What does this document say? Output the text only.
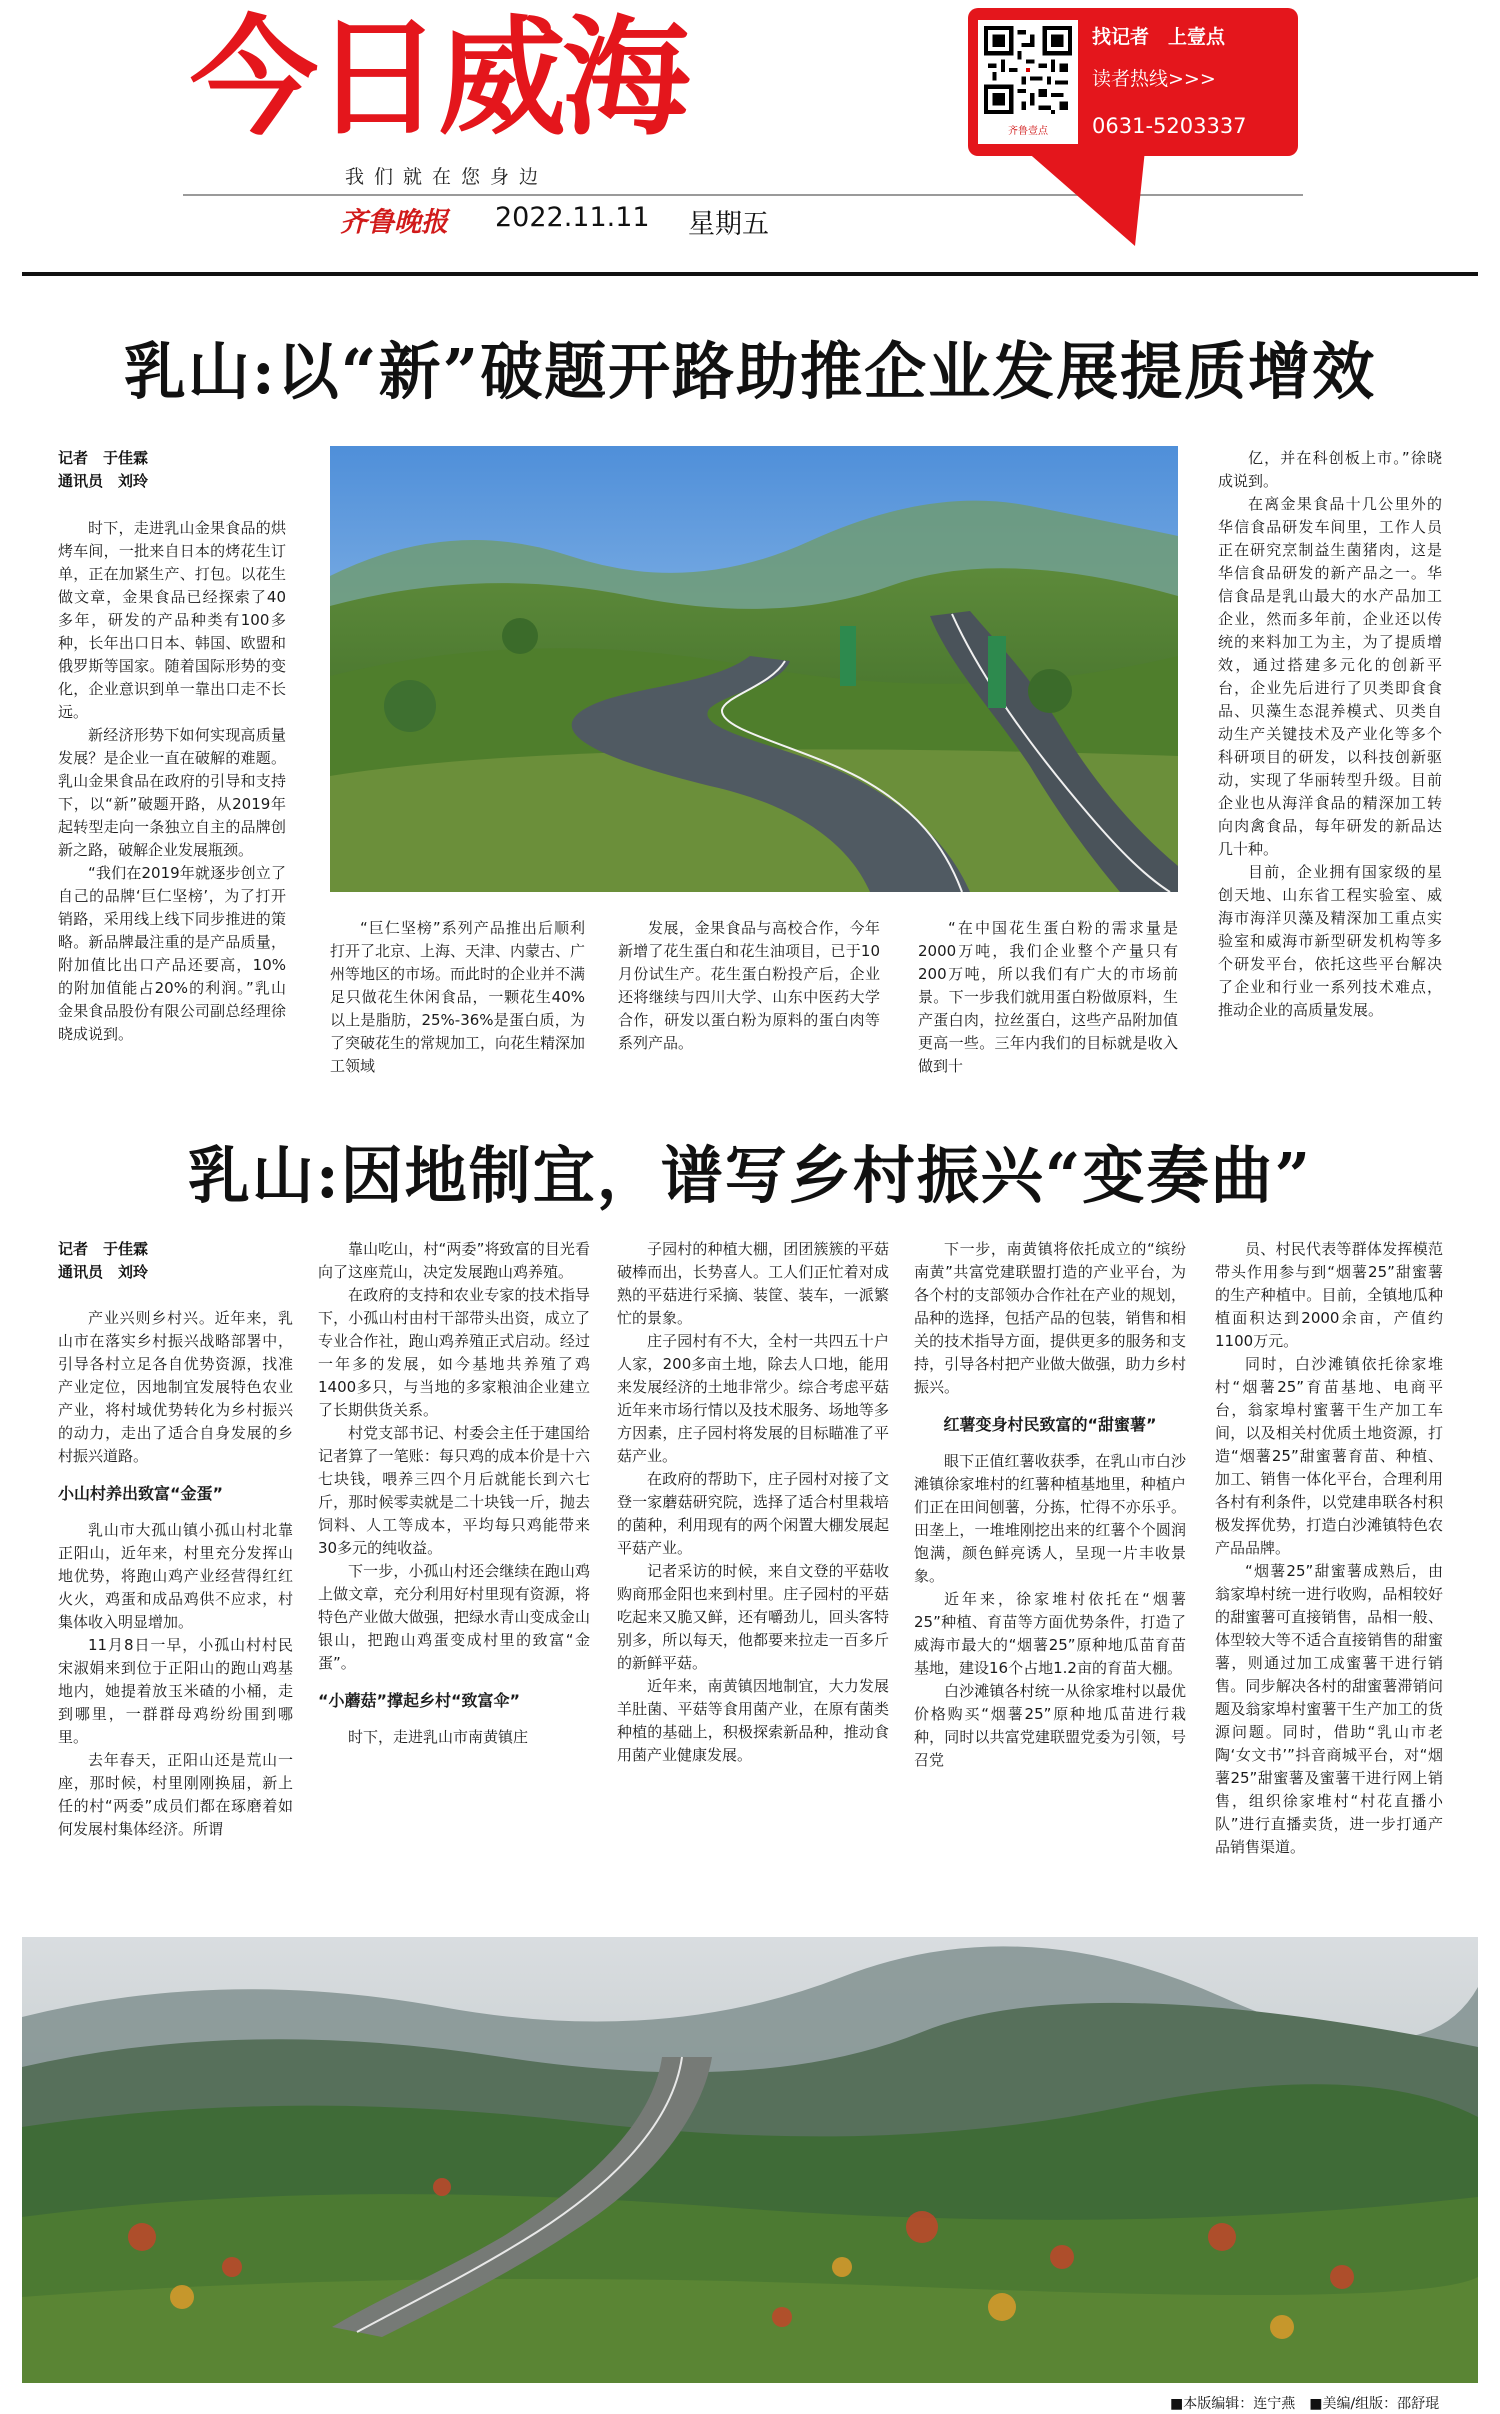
今日威海
我们就在您身边
齐鲁晚报 2022.11.11 星期五
齐鲁壹点
找记者　上壹点
读者热线>>>
0631-5203337
乳山:以“新”破题开路助推企业发展提质增效
记者　于佳霖
通讯员　刘玲

时下，走进乳山金果食品的烘烤车间，一批来自日本的烤花生订单，正在加紧生产、打包。以花生做文章，金果食品已经探索了40多年，研发的产品种类有100多种，长年出口日本、韩国、欧盟和俄罗斯等国家。随着国际形势的变化，企业意识到单一靠出口走不长远。

新经济形势下如何实现高质量发展？是企业一直在破解的难题。乳山金果食品在政府的引导和支持下，以“新”破题开路，从2019年起转型走向一条独立自主的品牌创新之路，破解企业发展瓶颈。

“我们在2019年就逐步创立了自己的品牌‘巨仁坚榜’，为了打开销路，采用线上线下同步推进的策略。新品牌最注重的是产品质量，附加值比出口产品还要高，10%的附加值能占20%的利润。”乳山金果食品股份有限公司副总经理徐晓成说到。

“巨仁坚榜”系列产品推出后顺利打开了北京、上海、天津、内蒙古、广州等地区的市场。而此时的企业并不满足只做花生休闲食品，一颗花生40%以上是脂肪，25%-36%是蛋白质，为了突破花生的常规加工，向花生精深加工领域

发展，金果食品与高校合作，今年新增了花生蛋白和花生油项目，已于10月份试生产。花生蛋白粉投产后，企业还将继续与四川大学、山东中医药大学合作，研发以蛋白粉为原料的蛋白肉等系列产品。

“在中国花生蛋白粉的需求量是2000万吨，我们企业整个产量只有200万吨，所以我们有广大的市场前景。下一步我们就用蛋白粉做原料，生产蛋白肉，拉丝蛋白，这些产品附加值更高一些。三年内我们的目标就是收入做到十

亿，并在科创板上市。”徐晓成说到。

在离金果食品十几公里外的华信食品研发车间里，工作人员正在研究烹制益生菌猪肉，这是华信食品研发的新产品之一。华信食品是乳山最大的水产品加工企业，然而多年前，企业还以传统的来料加工为主，为了提质增效，通过搭建多元化的创新平台，企业先后进行了贝类即食食品、贝藻生态混养模式、贝类自动生产关键技术及产业化等多个科研项目的研发，以科技创新驱动，实现了华丽转型升级。目前企业也从海洋食品的精深加工转向肉禽食品，每年研发的新品达几十种。

目前，企业拥有国家级的星创天地、山东省工程实验室、威海市海洋贝藻及精深加工重点实验室和威海市新型研发机构等多个研发平台，依托这些平台解决了企业和行业一系列技术难点，推动企业的高质量发展。

乳山:因地制宜，谱写乡村振兴“变奏曲”
记者　于佳霖
通讯员　刘玲

产业兴则乡村兴。近年来，乳山市在落实乡村振兴战略部署中，引导各村立足各自优势资源，找准产业定位，因地制宜发展特色农业产业，将村域优势转化为乡村振兴的动力，走出了适合自身发展的乡村振兴道路。

小山村养出致富“金蛋”

乳山市大孤山镇小孤山村北靠正阳山，近年来，村里充分发挥山地优势，将跑山鸡产业经营得红红火火，鸡蛋和成品鸡供不应求，村集体收入明显增加。

11月8日一早，小孤山村村民宋淑娟来到位于正阳山的跑山鸡基地内，她提着放玉米碴的小桶，走到哪里，一群群母鸡纷纷围到哪里。

去年春天，正阳山还是荒山一座，那时候，村里刚刚换届，新上任的村“两委”成员们都在琢磨着如何发展村集体经济。所谓

靠山吃山，村“两委”将致富的目光看向了这座荒山，决定发展跑山鸡养殖。

在政府的支持和农业专家的技术指导下，小孤山村由村干部带头出资，成立了专业合作社，跑山鸡养殖正式启动。经过一年多的发展，如今基地共养殖了鸡1400多只，与当地的多家粮油企业建立了长期供货关系。

村党支部书记、村委会主任于建国给记者算了一笔账：每只鸡的成本价是十六七块钱，喂养三四个月后就能长到六七斤，那时候零卖就是二十块钱一斤，抛去饲料、人工等成本，平均每只鸡能带来30多元的纯收益。

下一步，小孤山村还会继续在跑山鸡上做文章，充分利用好村里现有资源，将特色产业做大做强，把绿水青山变成金山银山，把跑山鸡蛋变成村里的致富“金蛋”。

“小蘑菇”撑起乡村“致富伞”

时下，走进乳山市南黄镇庄

子园村的种植大棚，团团簇簇的平菇破棒而出，长势喜人。工人们正忙着对成熟的平菇进行采摘、装筐、装车，一派繁忙的景象。

庄子园村有不大，全村一共四五十户人家，200多亩土地，除去人口地，能用来发展经济的土地非常少。综合考虑平菇近年来市场行情以及技术服务、场地等多方因素，庄子园村将发展的目标瞄准了平菇产业。

在政府的帮助下，庄子园村对接了文登一家蘑菇研究院，选择了适合村里栽培的菌种，利用现有的两个闲置大棚发展起平菇产业。

记者采访的时候，来自文登的平菇收购商邢金阳也来到村里。庄子园村的平菇吃起来又脆又鲜，还有嚼劲儿，回头客特别多，所以每天，他都要来拉走一百多斤的新鲜平菇。

近年来，南黄镇因地制宜，大力发展羊肚菌、平菇等食用菌产业，在原有菌类种植的基础上，积极探索新品种，推动食用菌产业健康发展。

下一步，南黄镇将依托成立的“缤纷南黄”共富党建联盟打造的产业平台，为各个村的支部领办合作社在产业的规划，品种的选择，包括产品的包装，销售和相关的技术指导方面，提供更多的服务和支持，引导各村把产业做大做强，助力乡村振兴。

红薯变身村民致富的“甜蜜薯”

眼下正值红薯收获季，在乳山市白沙滩镇徐家堆村的红薯种植基地里，种植户们正在田间刨薯，分拣，忙得不亦乐乎。田垄上，一堆堆刚挖出来的红薯个个圆润饱满，颜色鲜亮诱人，呈现一片丰收景象。

近年来，徐家堆村依托在“烟薯25”种植、育苗等方面优势条件，打造了威海市最大的“烟薯25”原种地瓜苗育苗基地，建设16个占地1.2亩的育苗大棚。

白沙滩镇各村统一从徐家堆村以最优价格购买“烟薯25”原种地瓜苗进行栽种，同时以共富党建联盟党委为引领，号召党

员、村民代表等群体发挥模范带头作用参与到“烟薯25”甜蜜薯的生产种植中。目前，全镇地瓜种植面积达到2000余亩，产值约1100万元。

同时，白沙滩镇依托徐家堆村“烟薯25”育苗基地、电商平台，翁家埠村蜜薯干生产加工车间，以及相关村优质土地资源，打造“烟薯25”甜蜜薯育苗、种植、加工、销售一体化平台，合理利用各村有利条件，以党建串联各村积极发挥优势，打造白沙滩镇特色农产品品牌。

“烟薯25”甜蜜薯成熟后，由翁家埠村统一进行收购，品相较好的甜蜜薯可直接销售，品相一般、体型较大等不适合直接销售的甜蜜薯，则通过加工成蜜薯干进行销售。同步解决各村的甜蜜薯滞销问题及翁家埠村蜜薯干生产加工的货源问题。同时，借助“乳山市老陶‘女文书’”抖音商城平台，对“烟薯25”甜蜜薯及蜜薯干进行网上销售，组织徐家堆村“村花直播小队”进行直播卖货，进一步打通产品销售渠道。

■本版编辑：连宁燕　■美编/组版：邵舒琨
